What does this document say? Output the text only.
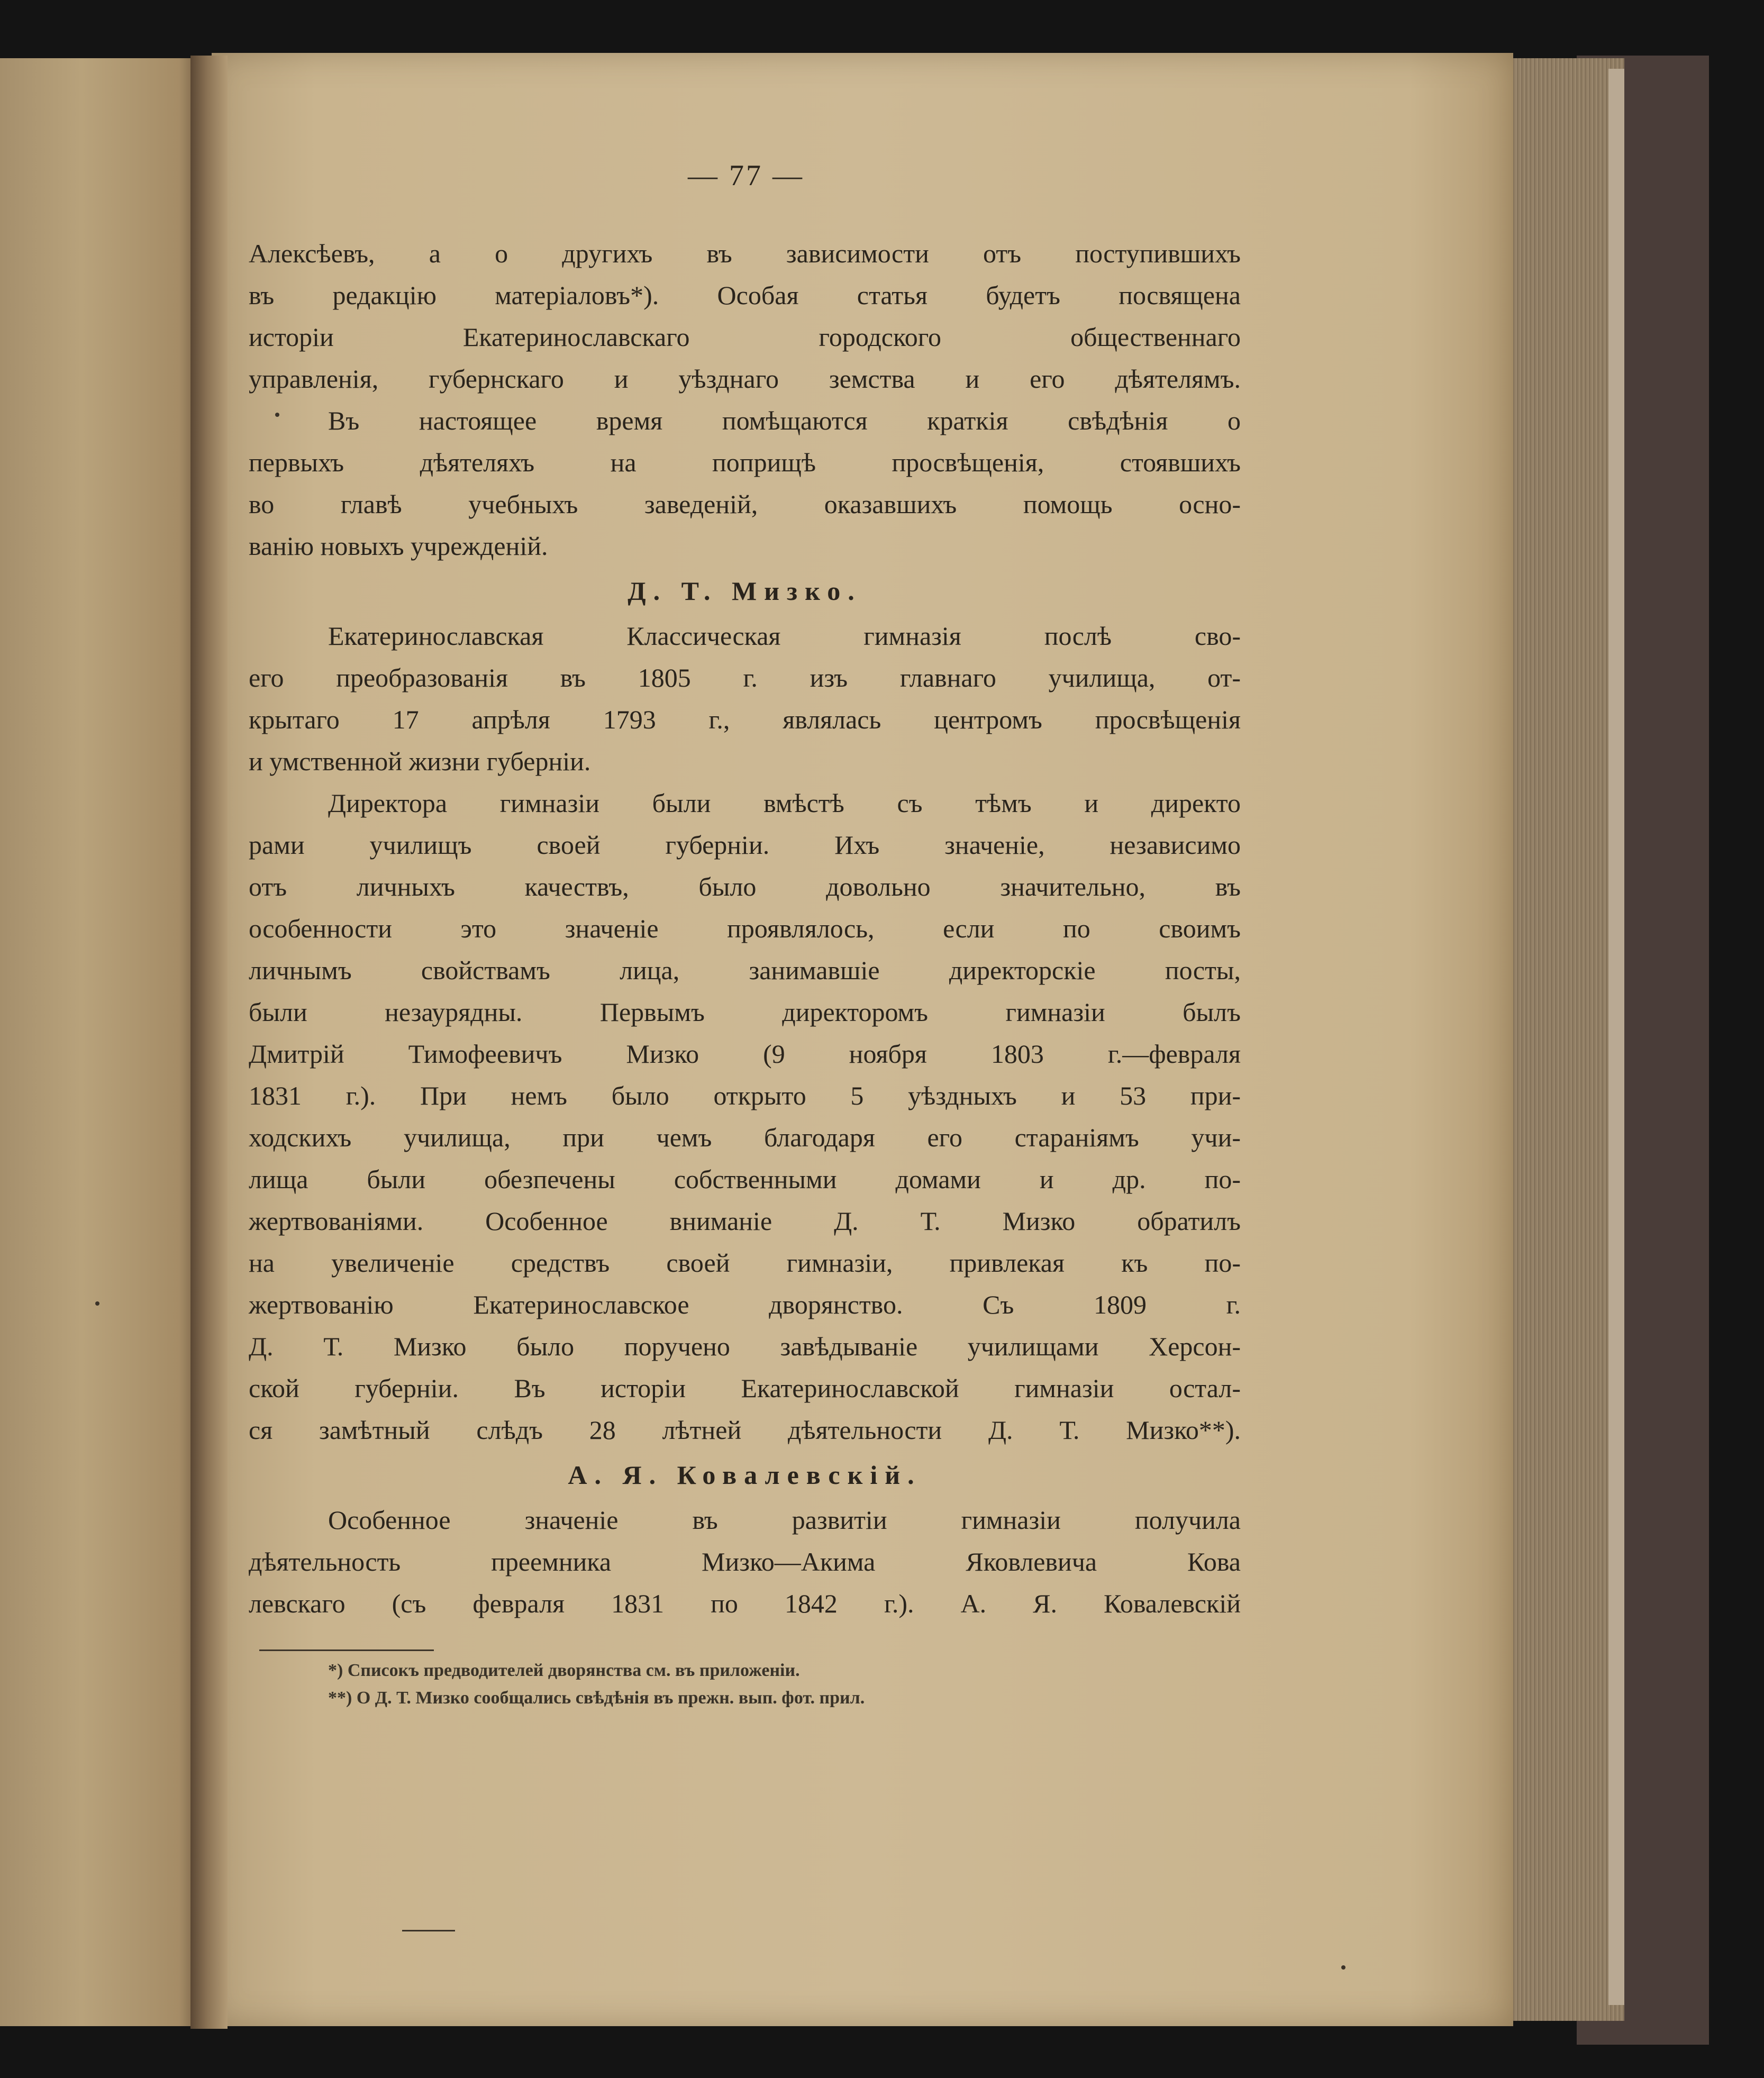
— 77 —
Алексѣевъ, а о другихъ въ зависимости отъ поступившихъ
въ редакцію матеріаловъ*). Особая статья будетъ посвящена
исторіи Екатеринославскаго городского общественнаго
управленія, губернскаго и уѣзднаго земства и его дѣятелямъ.
Въ настоящее время помѣщаются краткія свѣдѣнія о
первыхъ дѣятеляхъ на поприщѣ просвѣщенія, стоявшихъ
во главѣ учебныхъ заведеній, оказавшихъ помощь осно-
ванію новыхъ учрежденій.
Д. Т. Мизко.
Екатеринославская Классическая гимназія послѣ сво-
его преобразованія въ 1805 г. изъ главнаго училища, от-
крытаго 17 апрѣля 1793 г., являлась центромъ просвѣщенія
и умственной жизни губерніи.
Директора гимназіи были вмѣстѣ съ тѣмъ и директо
рами училищъ своей губерніи. Ихъ значеніе, независимо
отъ личныхъ качествъ, было довольно значительно, въ
особенности это значеніе проявлялось, если по своимъ
личнымъ свойствамъ лица, занимавшіе директорскіе посты,
были незаурядны. Первымъ директоромъ гимназіи былъ
Дмитрій Тимофеевичъ Мизко (9 ноября 1803 г.—февраля
1831 г.). При немъ было открыто 5 уѣздныхъ и 53 при-
ходскихъ училища, при чемъ благодаря его стараніямъ учи-
лища были обезпечены собственными домами и др. по-
жертвованіями. Особенное вниманіе Д. Т. Мизко обратилъ
на увеличеніе средствъ своей гимназіи, привлекая къ по-
жертвованію Екатеринославское дворянство. Съ 1809 г.
Д. Т. Мизко было поручено завѣдываніе училищами Херсон-
ской губерніи. Въ исторіи Екатеринославской гимназіи остал-
ся замѣтный слѣдъ 28 лѣтней дѣятельности Д. Т. Мизко**).
А. Я. Ковалевскій.
Особенное значеніе въ развитіи гимназіи получила
дѣятельность преемника Мизко—Акима Яковлевича Кова
левскаго (съ февраля 1831 по 1842 г.). А. Я. Ковалевскій
*) Списокъ предводителей дворянства см. въ приложеніи.
**) О Д. Т. Мизко сообщались свѣдѣнія въ прежн. вып. фот. прил.
